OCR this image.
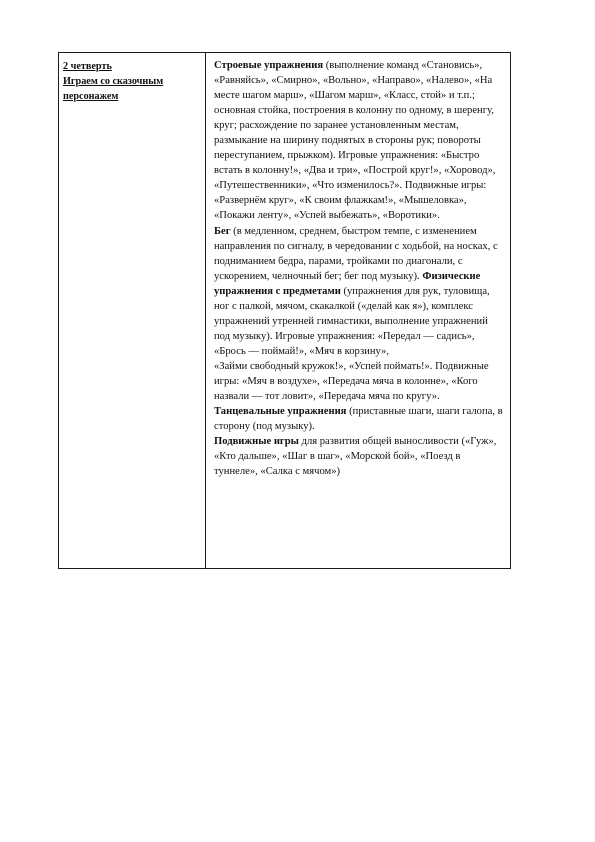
2 четверть
Играем со сказочным
персонажем

Строевые упражнения (выполнение команд «Становись», «Равняйсь», «Смирно», «Вольно», «Направо», «Налево», «На месте шагом марш», «Шагом марш», «Класс, стой» и т.п.; основная стойка, построения в колонну по одному, в шеренгу, круг; расхождение по заранее установленным местам, размыкание на ширину поднятых в стороны рук; повороты переступанием, прыжком). Игровые упражнения: «Быстро встать в колонну!», «Два и три», «Построй круг!», «Хоровод», «Путешественники», «Что изменилось?». Подвижные игры: «Развернём круг», «К своим флажкам!», «Мышеловка», «Покажи ленту», «Успей выбежать», «Воротики».

Бег (в медленном, среднем, быстром темпе, с изменением направления по сигналу, в чередовании с ходьбой, на носках, с подниманием бедра, парами, тройками по диагонали, с ускорением, челночный бег; бег под музыку). Физические упражнения с предметами (упражнения для рук, туловища, ног с палкой, мячом, скакалкой («делай как я»), комплекс упражнений утренней гимнастики, выполнение упражнений под музыку). Игровые упражнения: «Передал — садись», «Брось — поймай!», «Мяч в корзину»,

«Займи свободный кружок!», «Успей поймать!». Подвижные игры: «Мяч в воздухе», «Передача мяча в колонне», «Кого назвали — тот ловит», «Передача мяча по кругу».

Танцевальные упражнения (приставные шаги, шаги галопа, в сторону (под музыку).

Подвижные игры для развития общей выносливости («Гуж», «Кто дальше», «Шаг в шаг», «Морской бой», «Поезд в туннеле», «Салка с мячом»)
